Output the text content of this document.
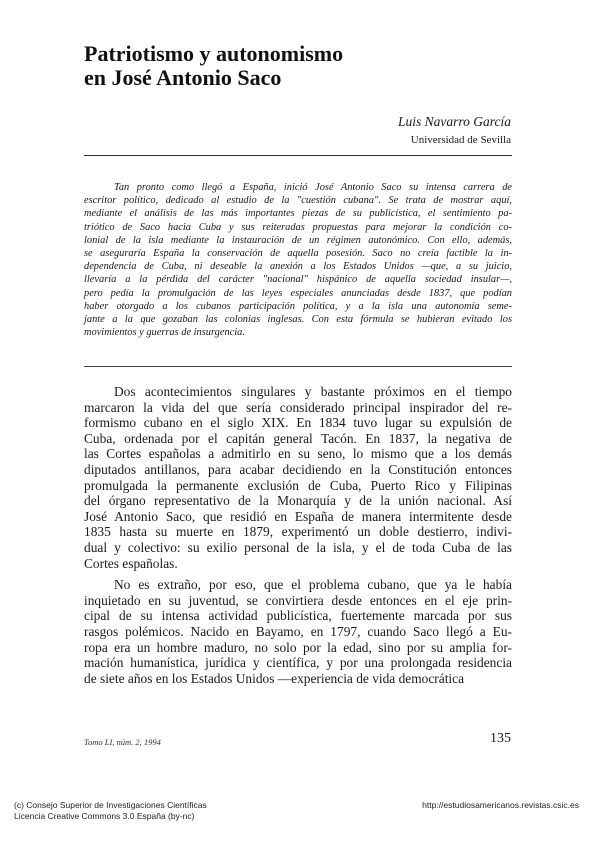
Patriotismo y autonomismo
en José Antonio Saco
Luis Navarro García
Universidad de Sevilla
Tan pronto como llegó a España, inició José Antonio Saco su intensa carrera de
escritor político, dedicado al estudio de la "cuestión cubana". Se trata de mostrar aquí,
mediante el análisis de las más importantes piezas de su publicística, el sentimiento pa-
triótico de Saco hacia Cuba y sus reiteradas propuestas para mejorar la condición co-
lonial de la isla mediante la instauración de un régimen autonómico. Con ello, además,
se aseguraría España la conservación de aquella posesión. Saco no creía factible la in-
dependencia de Cuba, ni deseable la anexión a los Estados Unidos —que, a su juicio,
llevaría a la pérdida del carácter "nacional" hispánico de aquella sociedad insular—,
pero pedía la promulgación de las leyes especiales anunciadas desde 1837, que podían
haber otorgado a los cubanos participación política, y a la isla una autonomía seme-
jante a la que gozaban las colonias inglesas. Con esta fórmula se hubieran evitado los
movimientos y guerras de insurgencia.
Dos acontecimientos singulares y bastante próximos en el tiempo
marcaron la vida del que sería considerado principal inspirador del re-
formismo cubano en el siglo XIX. En 1834 tuvo lugar su expulsión de
Cuba, ordenada por el capitán general Tacón. En 1837, la negativa de
las Cortes españolas a admitirlo en su seno, lo mismo que a los demás
diputados antillanos, para acabar decidiendo en la Constitución entonces
promulgada la permanente exclusión de Cuba, Puerto Rico y Filipinas
del órgano representativo de la Monarquía y de la unión nacional. Así
José Antonio Saco, que residió en España de manera intermitente desde
1835 hasta su muerte en 1879, experimentó un doble destierro, indivi-
dual y colectivo: su exilio personal de la isla, y el de toda Cuba de las
Cortes españolas.
No es extraño, por eso, que el problema cubano, que ya le había
inquietado en su juventud, se convirtiera desde entonces en el eje prin-
cipal de su intensa actividad publicística, fuertemente marcada por sus
rasgos polémicos. Nacido en Bayamo, en 1797, cuando Saco llegó a Eu-
ropa era un hombre maduro, no solo por la edad, sino por su amplia for-
mación humanística, jurídica y científica, y por una prolongada residencia
de siete años en los Estados Unidos —experiencia de vida democrática
Tomo LI, núm. 2, 1994	135
(c) Consejo Superior de Investigaciones Científicas
Licencia Creative Commons 3.0 España (by-nc)
http://estudiosamericanos.revistas.csic.es
